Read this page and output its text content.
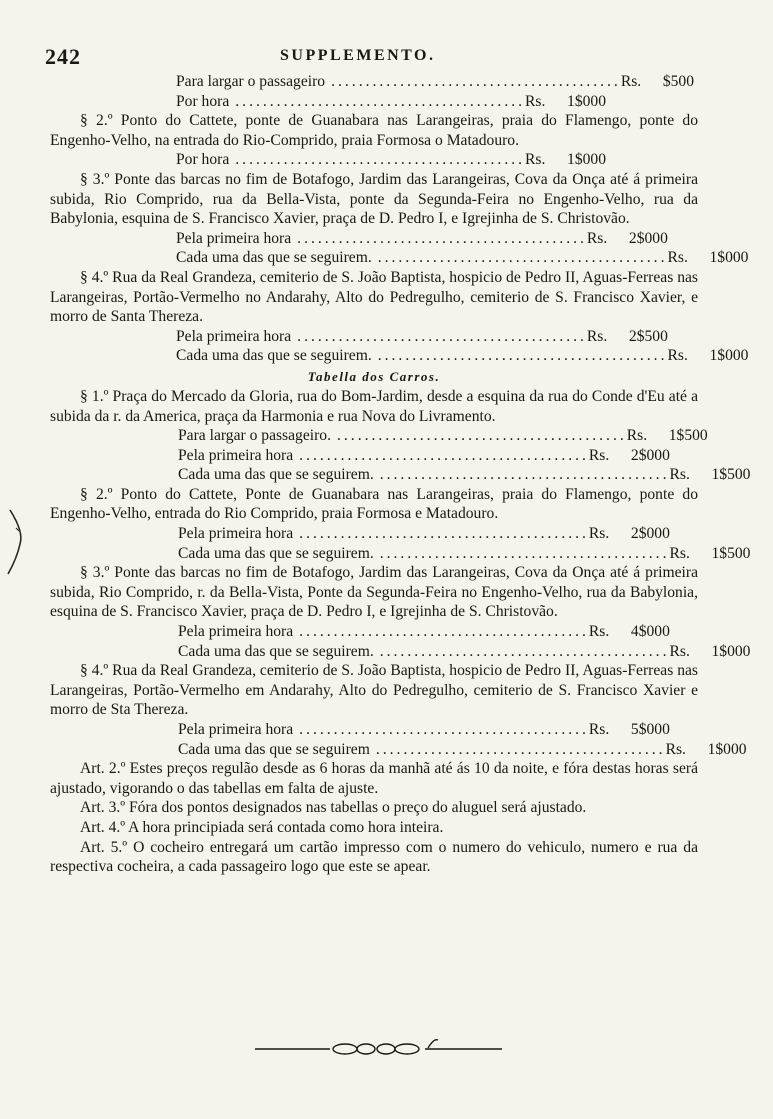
242	SUPPLEMENTO.
Para largar o passageiro .......................................... Rs.	$500
Por hora .......................................... Rs.	1$000

§ 2.º Ponto do Cattete, ponte de Guanabara nas Larangeiras, praia do Flamengo, ponte do Engenho-Velho, na entrada do Rio-Comprido, praia Formosa o Matadouro.

Por hora .......................................... Rs.	1$000

§ 3.º Ponte das barcas no fim de Botafogo, Jardim das Larangeiras, Cova da Onça até á primeira subida, Rio Comprido, rua da Bella-Vista, ponte da Segunda-Feira no Engenho-Velho, rua da Babylonia, esquina de S. Francisco Xavier, praça de D. Pedro I, e Igrejinha de S. Christovão.

Pela primeira hora .......................................... Rs.	2$000
Cada uma das que se seguirem. .......................................... Rs.	1$000

§ 4.º Rua da Real Grandeza, cemiterio de S. João Baptista, hospicio de Pedro II, Aguas-Ferreas nas Larangeiras, Portão-Vermelho no Andarahy, Alto do Pedregulho, cemiterio de S. Francisco Xavier, e morro de Santa Thereza.

Pela primeira hora .......................................... Rs.	2$500
Cada uma das que se seguirem. .......................................... Rs.	1$000
Tabella dos Carros.

§ 1.º Praça do Mercado da Gloria, rua do Bom-Jardim, desde a esquina da rua do Conde d'Eu até a subida da r. da America, praça da Harmonia e rua Nova do Livramento.

Para largar o passageiro. .......................................... Rs.	1$500
Pela primeira hora .......................................... Rs.	2$000
Cada uma das que se seguirem. .......................................... Rs.	1$500

§ 2.º Ponto do Cattete, Ponte de Guanabara nas Larangeiras, praia do Flamengo, ponte do Engenho-Velho, entrada do Rio Comprido, praia Formosa e Matadouro.

Pela primeira hora .......................................... Rs.	2$000
Cada uma das que se seguirem. .......................................... Rs.	1$500

§ 3.º Ponte das barcas no fim de Botafogo, Jardim das Larangeiras, Cova da Onça até á primeira subida, Rio Comprido, r. da Bella-Vista, Ponte da Segunda-Feira no Engenho-Velho, rua da Babylonia, esquina de S. Francisco Xavier, praça de D. Pedro I, e Igrejinha de S. Christovão.

Pela primeira hora .......................................... Rs.	4$000
Cada uma das que se seguirem. .......................................... Rs.	1$000

§ 4.º Rua da Real Grandeza, cemiterio de S. João Baptista, hospicio de Pedro II, Aguas-Ferreas nas Larangeiras, Portão-Vermelho em Andarahy, Alto do Pedregulho, cemiterio de S. Francisco Xavier e morro de Sta Thereza.

Pela primeira hora .......................................... Rs.	5$000
Cada uma das que se seguirem .......................................... Rs.	1$000

Art. 2.º Estes preços regulão desde as 6 horas da manhã até ás 10 da noite, e fóra destas horas será ajustado, vigorando o das tabellas em falta de ajuste.

Art. 3.º Fóra dos pontos designados nas tabellas o preço do aluguel será ajustado.

Art. 4.º A hora principiada será contada como hora inteira.

Art. 5.º O cocheiro entregará um cartão impresso com o numero do vehiculo, numero e rua da respectiva cocheira, a cada passageiro logo que este se apear.
